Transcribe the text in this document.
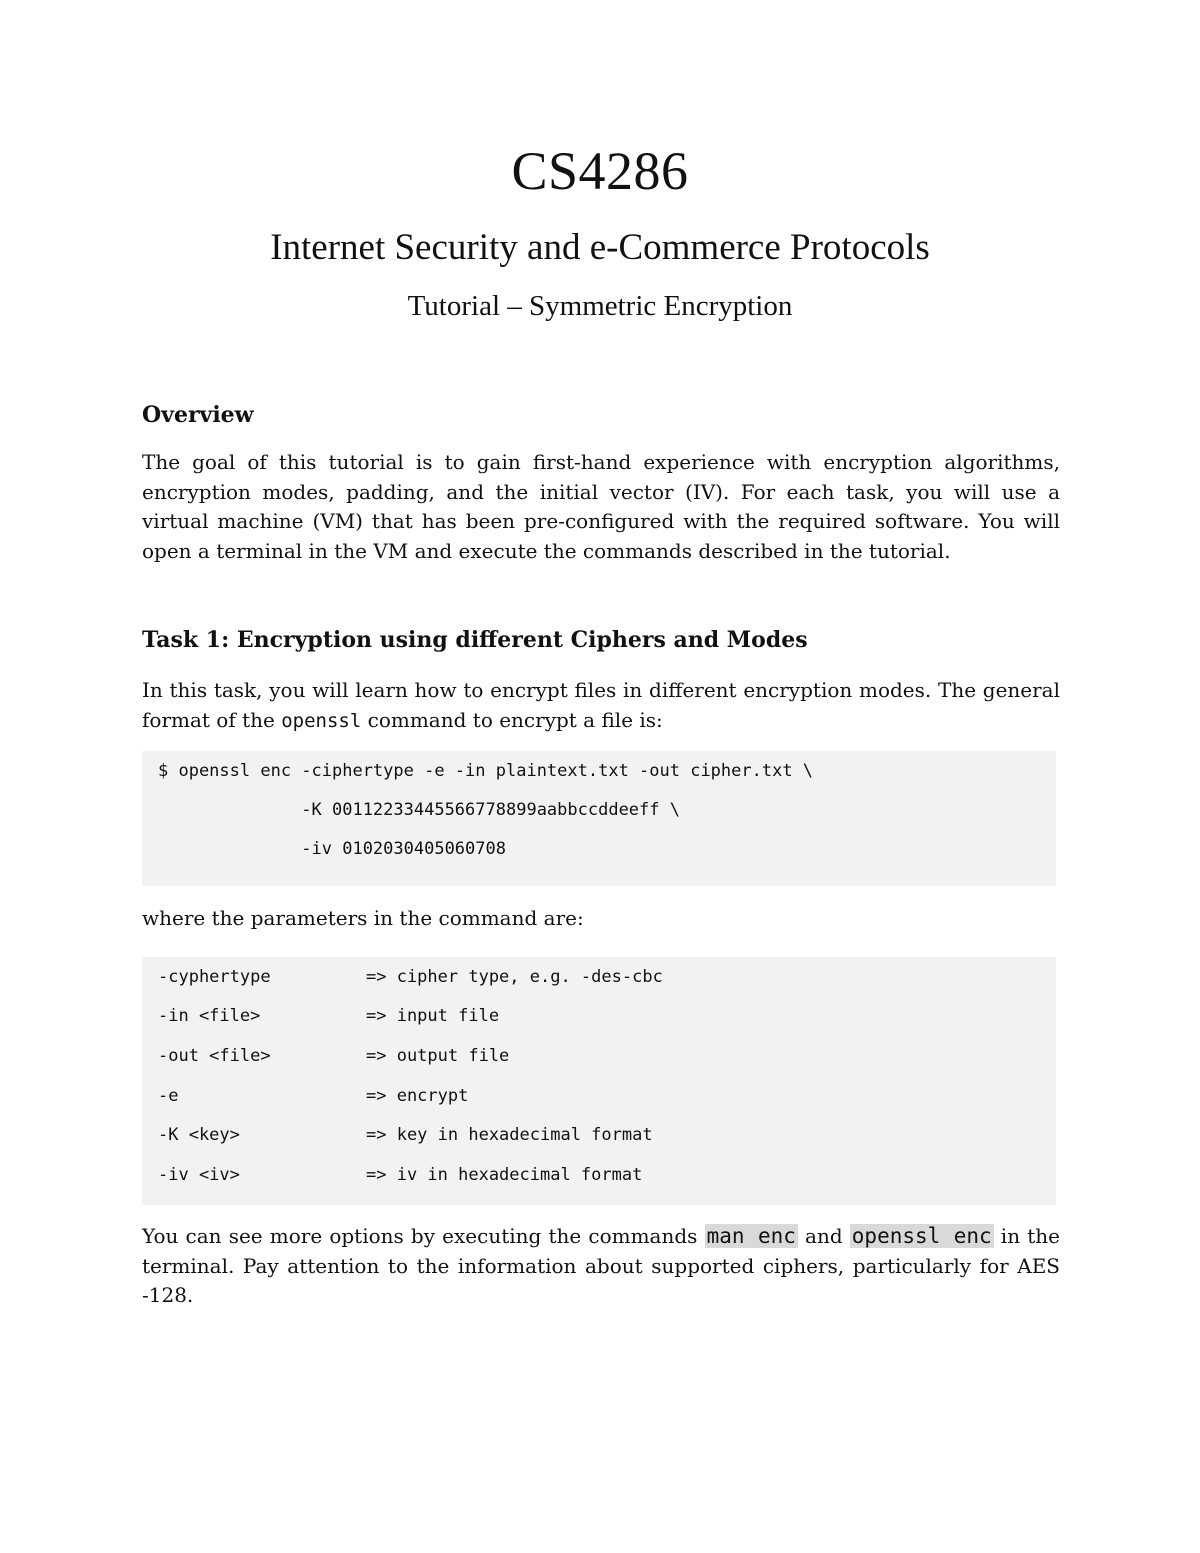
CS4286
Internet Security and e-Commerce Protocols
Tutorial – Symmetric Encryption
Overview

The goal of this tutorial is to gain first-hand experience with encryption algorithms, encryption modes, padding, and the initial vector (IV). For each task, you will use a virtual machine (VM) that has been pre-configured with the required software. You will open a terminal in the VM and execute the commands described in the tutorial.

Task 1: Encryption using different Ciphers and Modes

In this task, you will learn how to encrypt files in different encryption modes. The general format of the openssl command to encrypt a file is:

$ openssl enc -ciphertype -e -in plaintext.txt -out cipher.txt \
-K 00112233445566778899aabbccddeeff \
-iv 0102030405060708

where the parameters in the command are:

-cyphertype	=> cipher type, e.g. -des-cbc
-in <file>	=> input file
-out <file>	=> output file
-e	=> encrypt
-K <key>	=> key in hexadecimal format
-iv <iv>	=> iv in hexadecimal format

You can see more options by executing the commands man enc and openssl enc in the terminal. Pay attention to the information about supported ciphers, particularly for AES -128.
